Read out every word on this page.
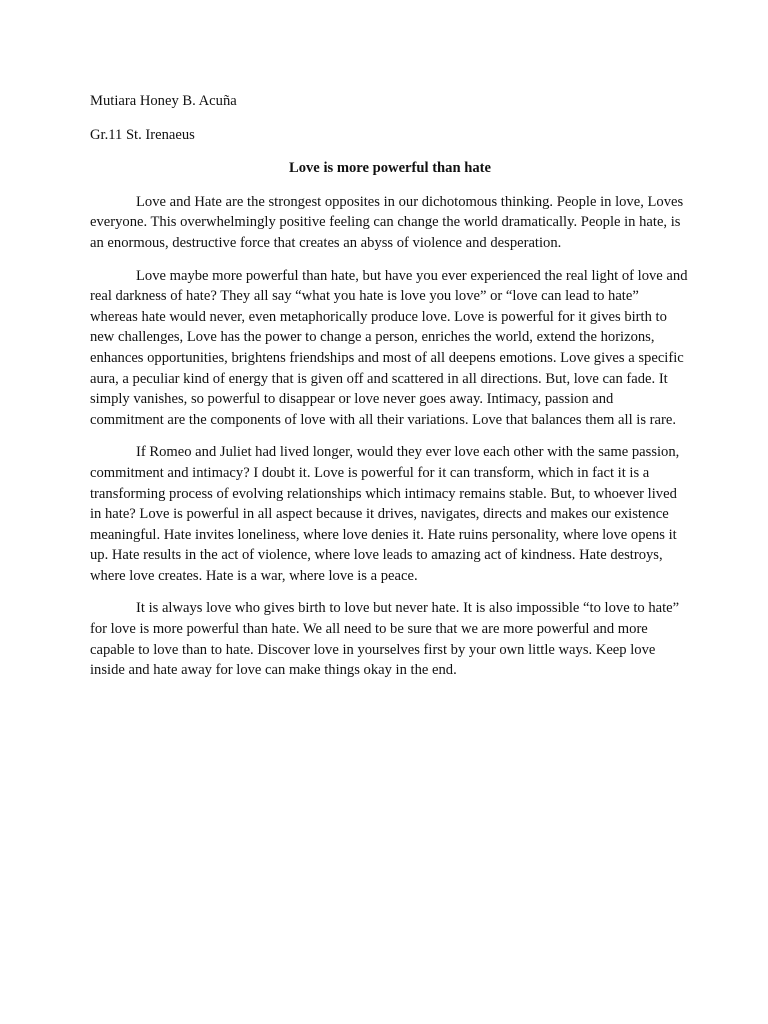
Mutiara Honey B. Acuña

Gr.11 St. Irenaeus

Love is more powerful than hate

Love and Hate are the strongest opposites in our dichotomous thinking. People in love, Loves everyone. This overwhelmingly positive feeling can change the world dramatically. People in hate, is an enormous, destructive force that creates an abyss of violence and desperation.

Love maybe more powerful than hate, but have you ever experienced the real light of love and real darkness of hate? They all say “what you hate is love you love” or “love can lead to hate” whereas hate would never, even metaphorically produce love. Love is powerful for it gives birth to new challenges, Love has the power to change a person, enriches the world, extend the horizons, enhances opportunities, brightens friendships and most of all deepens emotions. Love gives a specific aura, a peculiar kind of energy that is given off and scattered in all directions. But, love can fade. It simply vanishes, so powerful to disappear or love never goes away. Intimacy, passion and commitment are the components of love with all their variations. Love that balances them all is rare.

If Romeo and Juliet had lived longer, would they ever love each other with the same passion, commitment and intimacy? I doubt it. Love is powerful for it can transform, which in fact it is a transforming process of evolving relationships which intimacy remains stable. But, to whoever lived in hate? Love is powerful in all aspect because it drives, navigates, directs and makes our existence meaningful. Hate invites loneliness, where love denies it. Hate ruins personality, where love opens it up. Hate results in the act of violence, where love leads to amazing act of kindness. Hate destroys, where love creates. Hate is a war, where love is a peace.

It is always love who gives birth to love but never hate. It is also impossible “to love to hate” for love is more powerful than hate. We all need to be sure that we are more powerful and more capable to love than to hate. Discover love in yourselves first by your own little ways. Keep love inside and hate away for love can make things okay in the end.
